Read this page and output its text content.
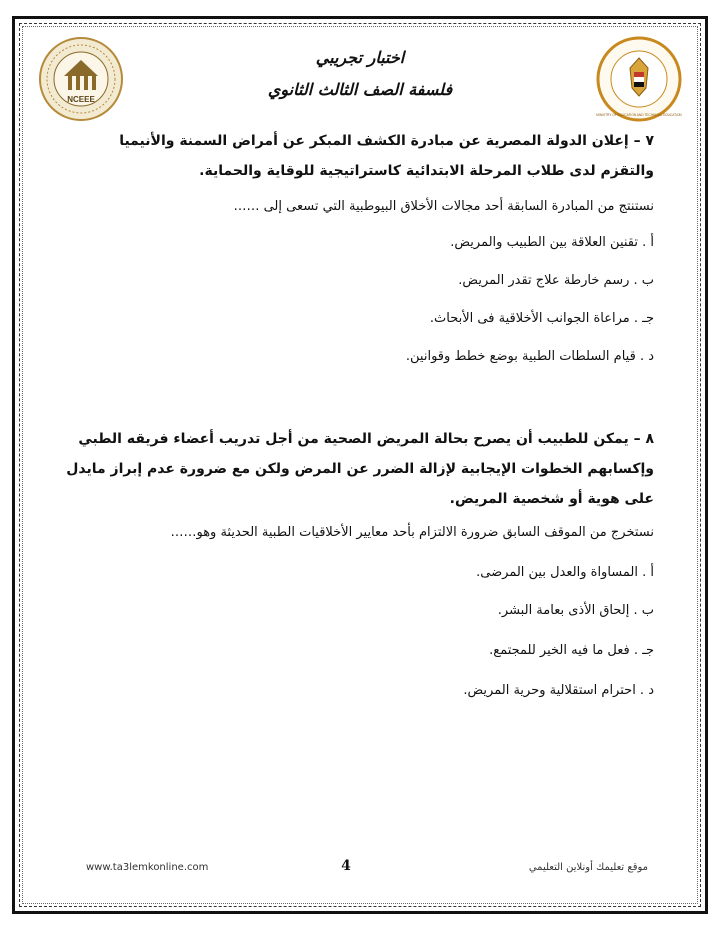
NCEEE
MINISTRY OF EDUCATION AND TECHNICAL EDUCATION
اختبار تجريبي
فلسفة الصف الثالث الثانوي
٧ – إعلان الدولة المصرية عن مبادرة الكشف المبكر عن أمراض السمنة والأنيميا والتقزم لدى طلاب المرحلة الابتدائية كاستراتيجية للوقاية والحماية.
نستنتج من المبادرة السابقة أحد مجالات الأخلاق البيوطبية التي تسعى إلى ……
أ . تقنين العلاقة بين الطبيب والمريض.
ب . رسم خارطة علاج تقدر المريض.
جـ . مراعاة الجوانب الأخلاقية فى الأبحاث.
د . قيام السلطات الطبية بوضع خطط وقوانين.
٨ – يمكن للطبيب أن يصرح بحالة المريض الصحية من أجل تدريب أعضاء فريقه الطبي وإكسابهم الخطوات الإيجابية لإزالة الضرر عن المرض ولكن مع ضرورة عدم إبراز مايدل على هوية أو شخصية المريض.
نستخرج من الموقف السابق ضرورة الالتزام بأحد معايير الأخلاقيات الطبية الحديثة وهو……
أ . المساواة والعدل بين المرضى.
ب . إلحاق الأذى بعامة البشر.
جـ . فعل ما فيه الخير للمجتمع.
د . احترام استقلالية وحرية المريض.
www.ta3lemkonline.com	4	موقع تعليمك أونلاين التعليمي
